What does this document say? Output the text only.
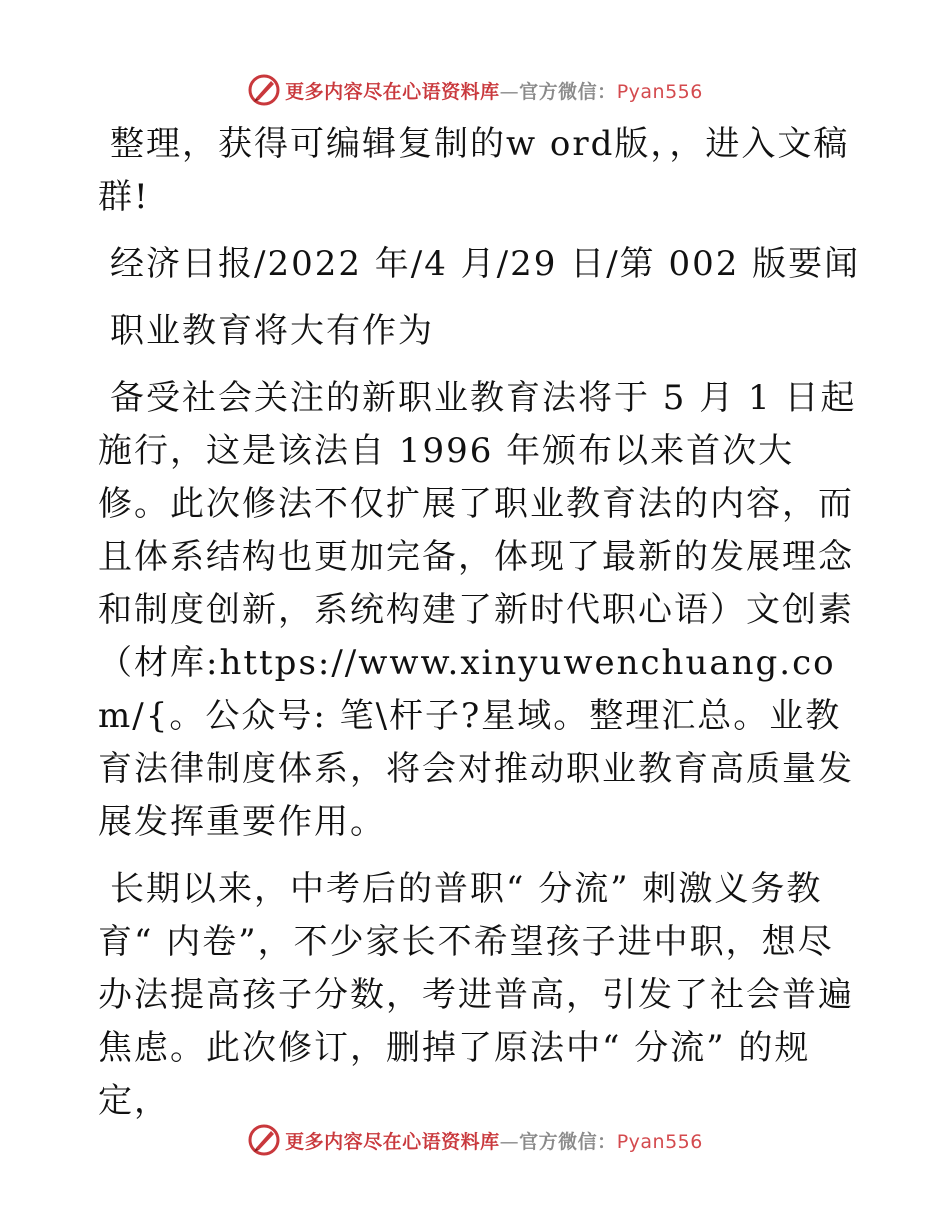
更多内容尽在心语资料库—官方微信：Pyan556

整理，获得可编辑复制的w ord版，，进入文稿群!

经济日报/2022 年/4 月/29 日/第 002 版要闻

职业教育将大有作为

备受社会关注的新职业教育法将于 5 月 1 日起施行，这是该法自 1996 年颁布以来首次大修。此次修法不仅扩展了职业教育法的内容，而且体系结构也更加完备，体现了最新的发展理念和制度创新，系统构建了新时代职心语）文创素（材库:https://www.xinyuwenchuang.com/{。公众号: 笔\杆子?星域。整理汇总。业教育法律制度体系，将会对推动职业教育高质量发展发挥重要作用。

长期以来，中考后的普职“ 分流” 刺激义务教育“ 内卷”，不少家长不希望孩子进中职，想尽办法提高孩子分数，考进普高，引发了社会普遍焦虑。此次修订，删掉了原法中“ 分流” 的规定，

更多内容尽在心语资料库—官方微信：Pyan556
